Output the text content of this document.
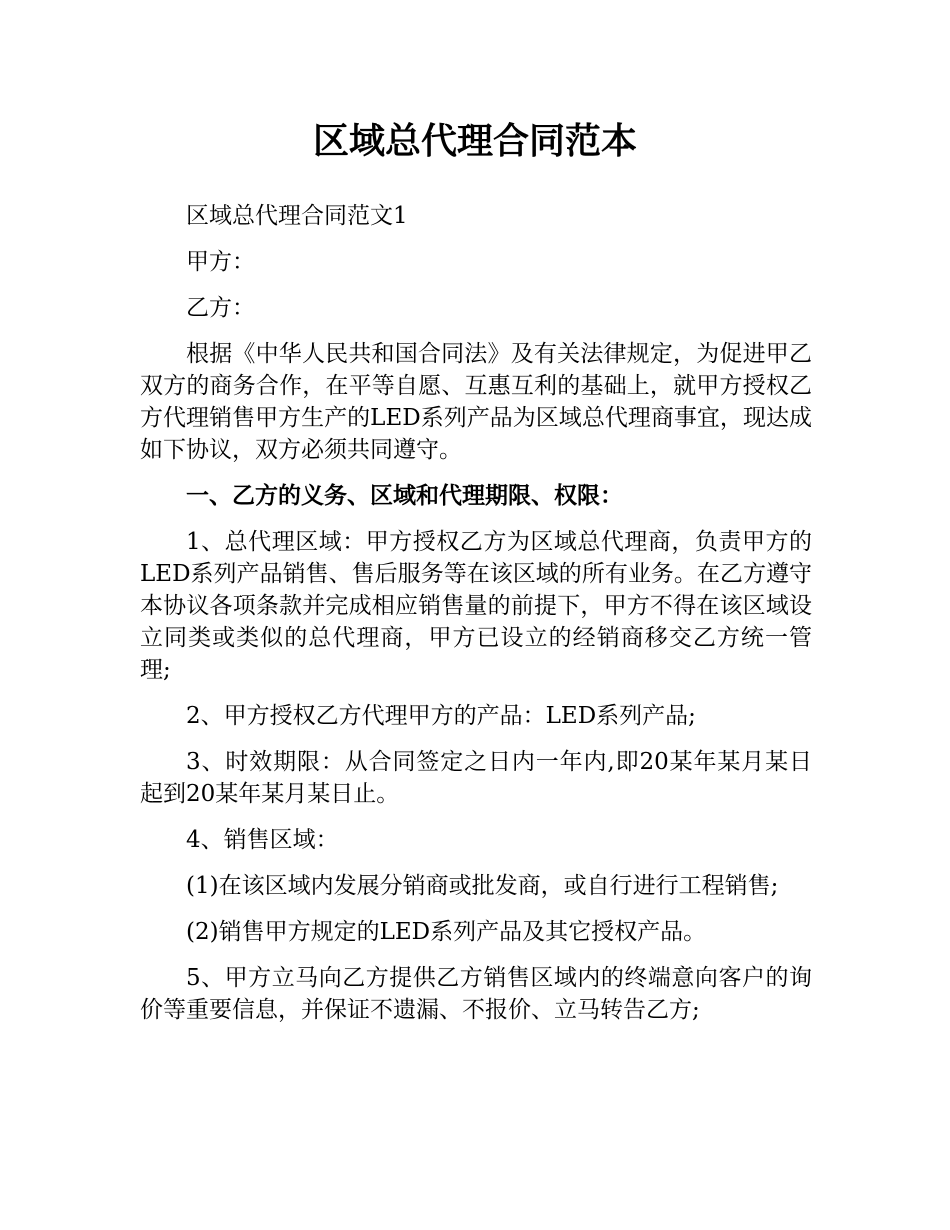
区域总代理合同范本

区域总代理合同范文1

甲方：

乙方：

根据《中华人民共和国合同法》及有关法律规定，为促进甲乙双方的商务合作，在平等自愿、互惠互利的基础上，就甲方授权乙方代理销售甲方生产的LED系列产品为区域总代理商事宜，现达成如下协议，双方必须共同遵守。

一、乙方的义务、区域和代理期限、权限：

1、总代理区域：甲方授权乙方为区域总代理商，负责甲方的LED系列产品销售、售后服务等在该区域的所有业务。在乙方遵守本协议各项条款并完成相应销售量的前提下，甲方不得在该区域设立同类或类似的总代理商，甲方已设立的经销商移交乙方统一管理;

2、甲方授权乙方代理甲方的产品：LED系列产品;

3、时效期限：从合同签定之日内一年内,即20某年某月某日起到20某年某月某日止。

4、销售区域：

(1)在该区域内发展分销商或批发商，或自行进行工程销售;

(2)销售甲方规定的LED系列产品及其它授权产品。

5、甲方立马向乙方提供乙方销售区域内的终端意向客户的询价等重要信息，并保证不遗漏、不报价、立马转告乙方;
